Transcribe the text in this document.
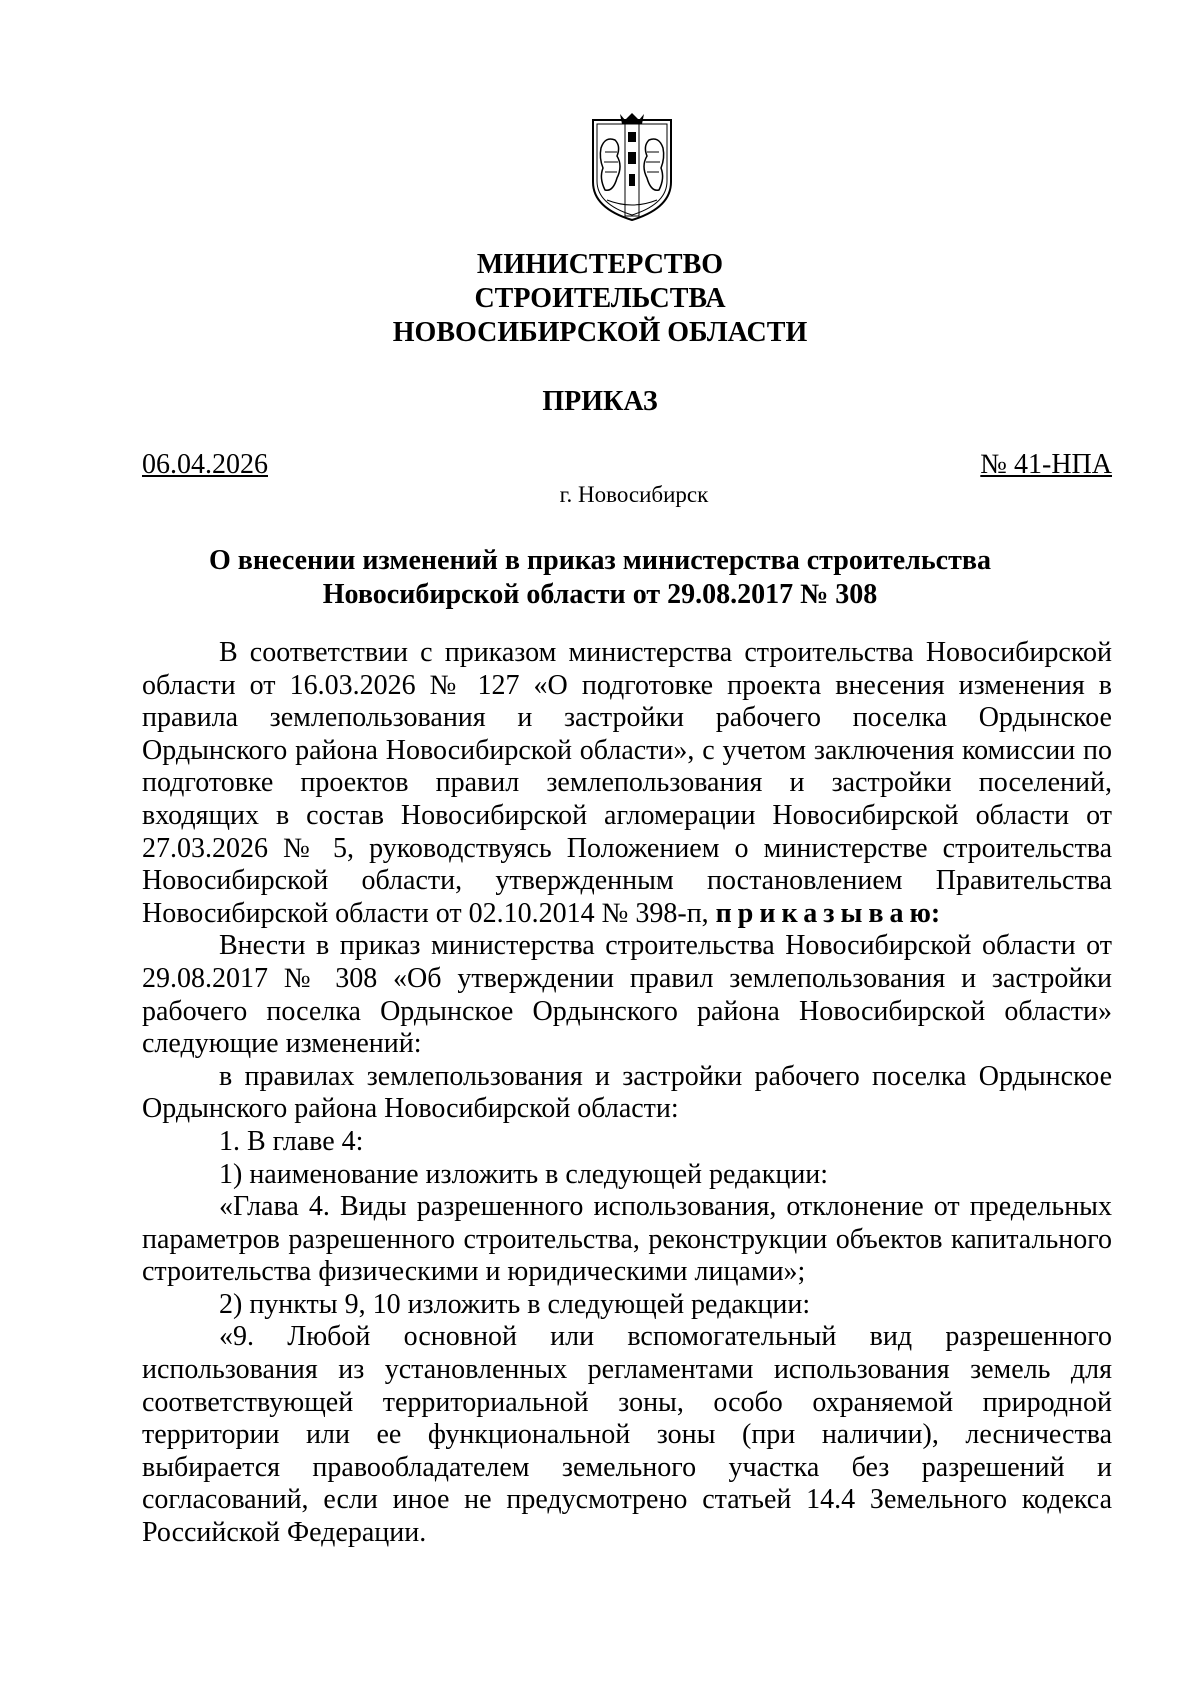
МИНИСТЕРСТВО
СТРОИТЕЛЬСТВА
НОВОСИБИРСКОЙ ОБЛАСТИ
ПРИКАЗ
06.04.2026	№ 41-НПА
г. Новосибирск
О внесении изменений в приказ министерства строительства
Новосибирской области от 29.08.2017 № 308

В соответствии с приказом министерства строительства Новосибирской области от 16.03.2026 № 127 «О подготовке проекта внесения изменения в правила землепользования и застройки рабочего поселка Ордынское Ордынского района Новосибирской области», с учетом заключения комиссии по подготовке проектов правил землепользования и застройки поселений, входящих в состав Новосибирской агломерации Новосибирской области от 27.03.2026 № 5, руководствуясь Положением о министерстве строительства Новосибирской области, утвержденным постановлением Правительства Новосибирской области от 02.10.2014 № 398-п, приказываю:

Внести в приказ министерства строительства Новосибирской области от 29.08.2017 № 308 «Об утверждении правил землепользования и застройки рабочего поселка Ордынское Ордынского района Новосибирской области» следующие изменений:

в правилах землепользования и застройки рабочего поселка Ордынское Ордынского района Новосибирской области:

1. В главе 4:

1) наименование изложить в следующей редакции:

«Глава 4. Виды разрешенного использования, отклонение от предельных параметров разрешенного строительства, реконструкции объектов капитального строительства физическими и юридическими лицами»;

2) пункты 9, 10 изложить в следующей редакции:

«9. Любой основной или вспомогательный вид разрешенного использования из установленных регламентами использования земель для соответствующей территориальной зоны, особо охраняемой природной территории или ее функциональной зоны (при наличии), лесничества выбирается правообладателем земельного участка без разрешений и согласований, если иное не предусмотрено статьей 14.4 Земельного кодекса Российской Федерации.
